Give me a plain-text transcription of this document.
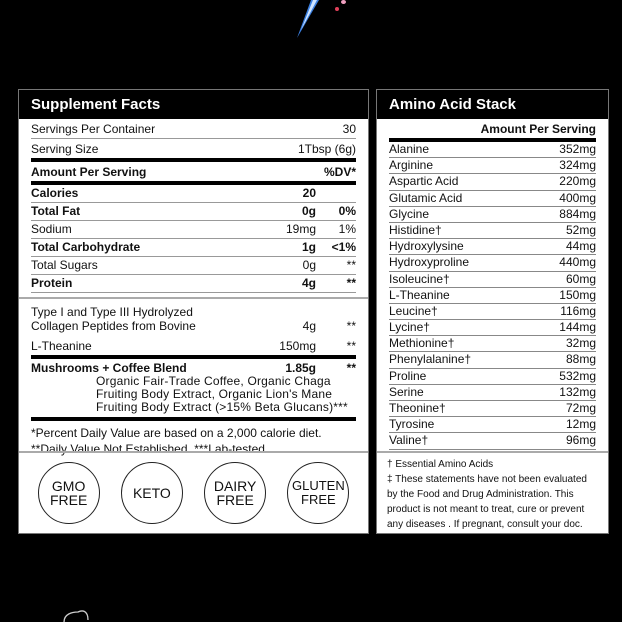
Supplement Facts
Servings Per Container	30
Serving Size	1Tbsp (6g)
Amount Per Serving	%DV*
Calories	20
Total Fat	0g	0%
Sodium	19mg	1%
Total Carbohydrate	1g	<1%
Total Sugars	0g	**
Protein	4g	**
Type I and Type III Hydrolyzed
Collagen Peptides from Bovine	4g	**
L-Theanine	150mg	**
Mushrooms + Coffee Blend	1.85g	**
Organic Fair-Trade Coffee, Organic Chaga
Fruiting Body Extract, Organic Lion's Mane
Fruiting Body Extract (>15% Beta Glucans)***
*Percent Daily Value are based on a 2,000 calorie diet.
**Daily Value Not Established. ***Lab-tested.
GMO
FREE	KETO	DAIRY
FREE
GLUTEN
FREE
Amino Acid Stack
Amount Per Serving
Alanine	352mg
Arginine	324mg
Aspartic Acid	220mg
Glutamic Acid	400mg
Glycine	884mg
Histidine†	52mg
Hydroxylysine	44mg
Hydroxyproline	440mg
Isoleucine†	60mg
L-Theanine	150mg
Leucine†	116mg
Lycine†	144mg
Methionine†	32mg
Phenylalanine†	88mg
Proline	532mg
Serine	132mg
Theonine†	72mg
Tyrosine	12mg
Valine†	96mg
† Essential Amino Acids
‡ These statements have not been evaluated
by the Food and Drug Administration. This
product is not meant to treat, cure or prevent
any diseases . If pregnant, consult your doc.
